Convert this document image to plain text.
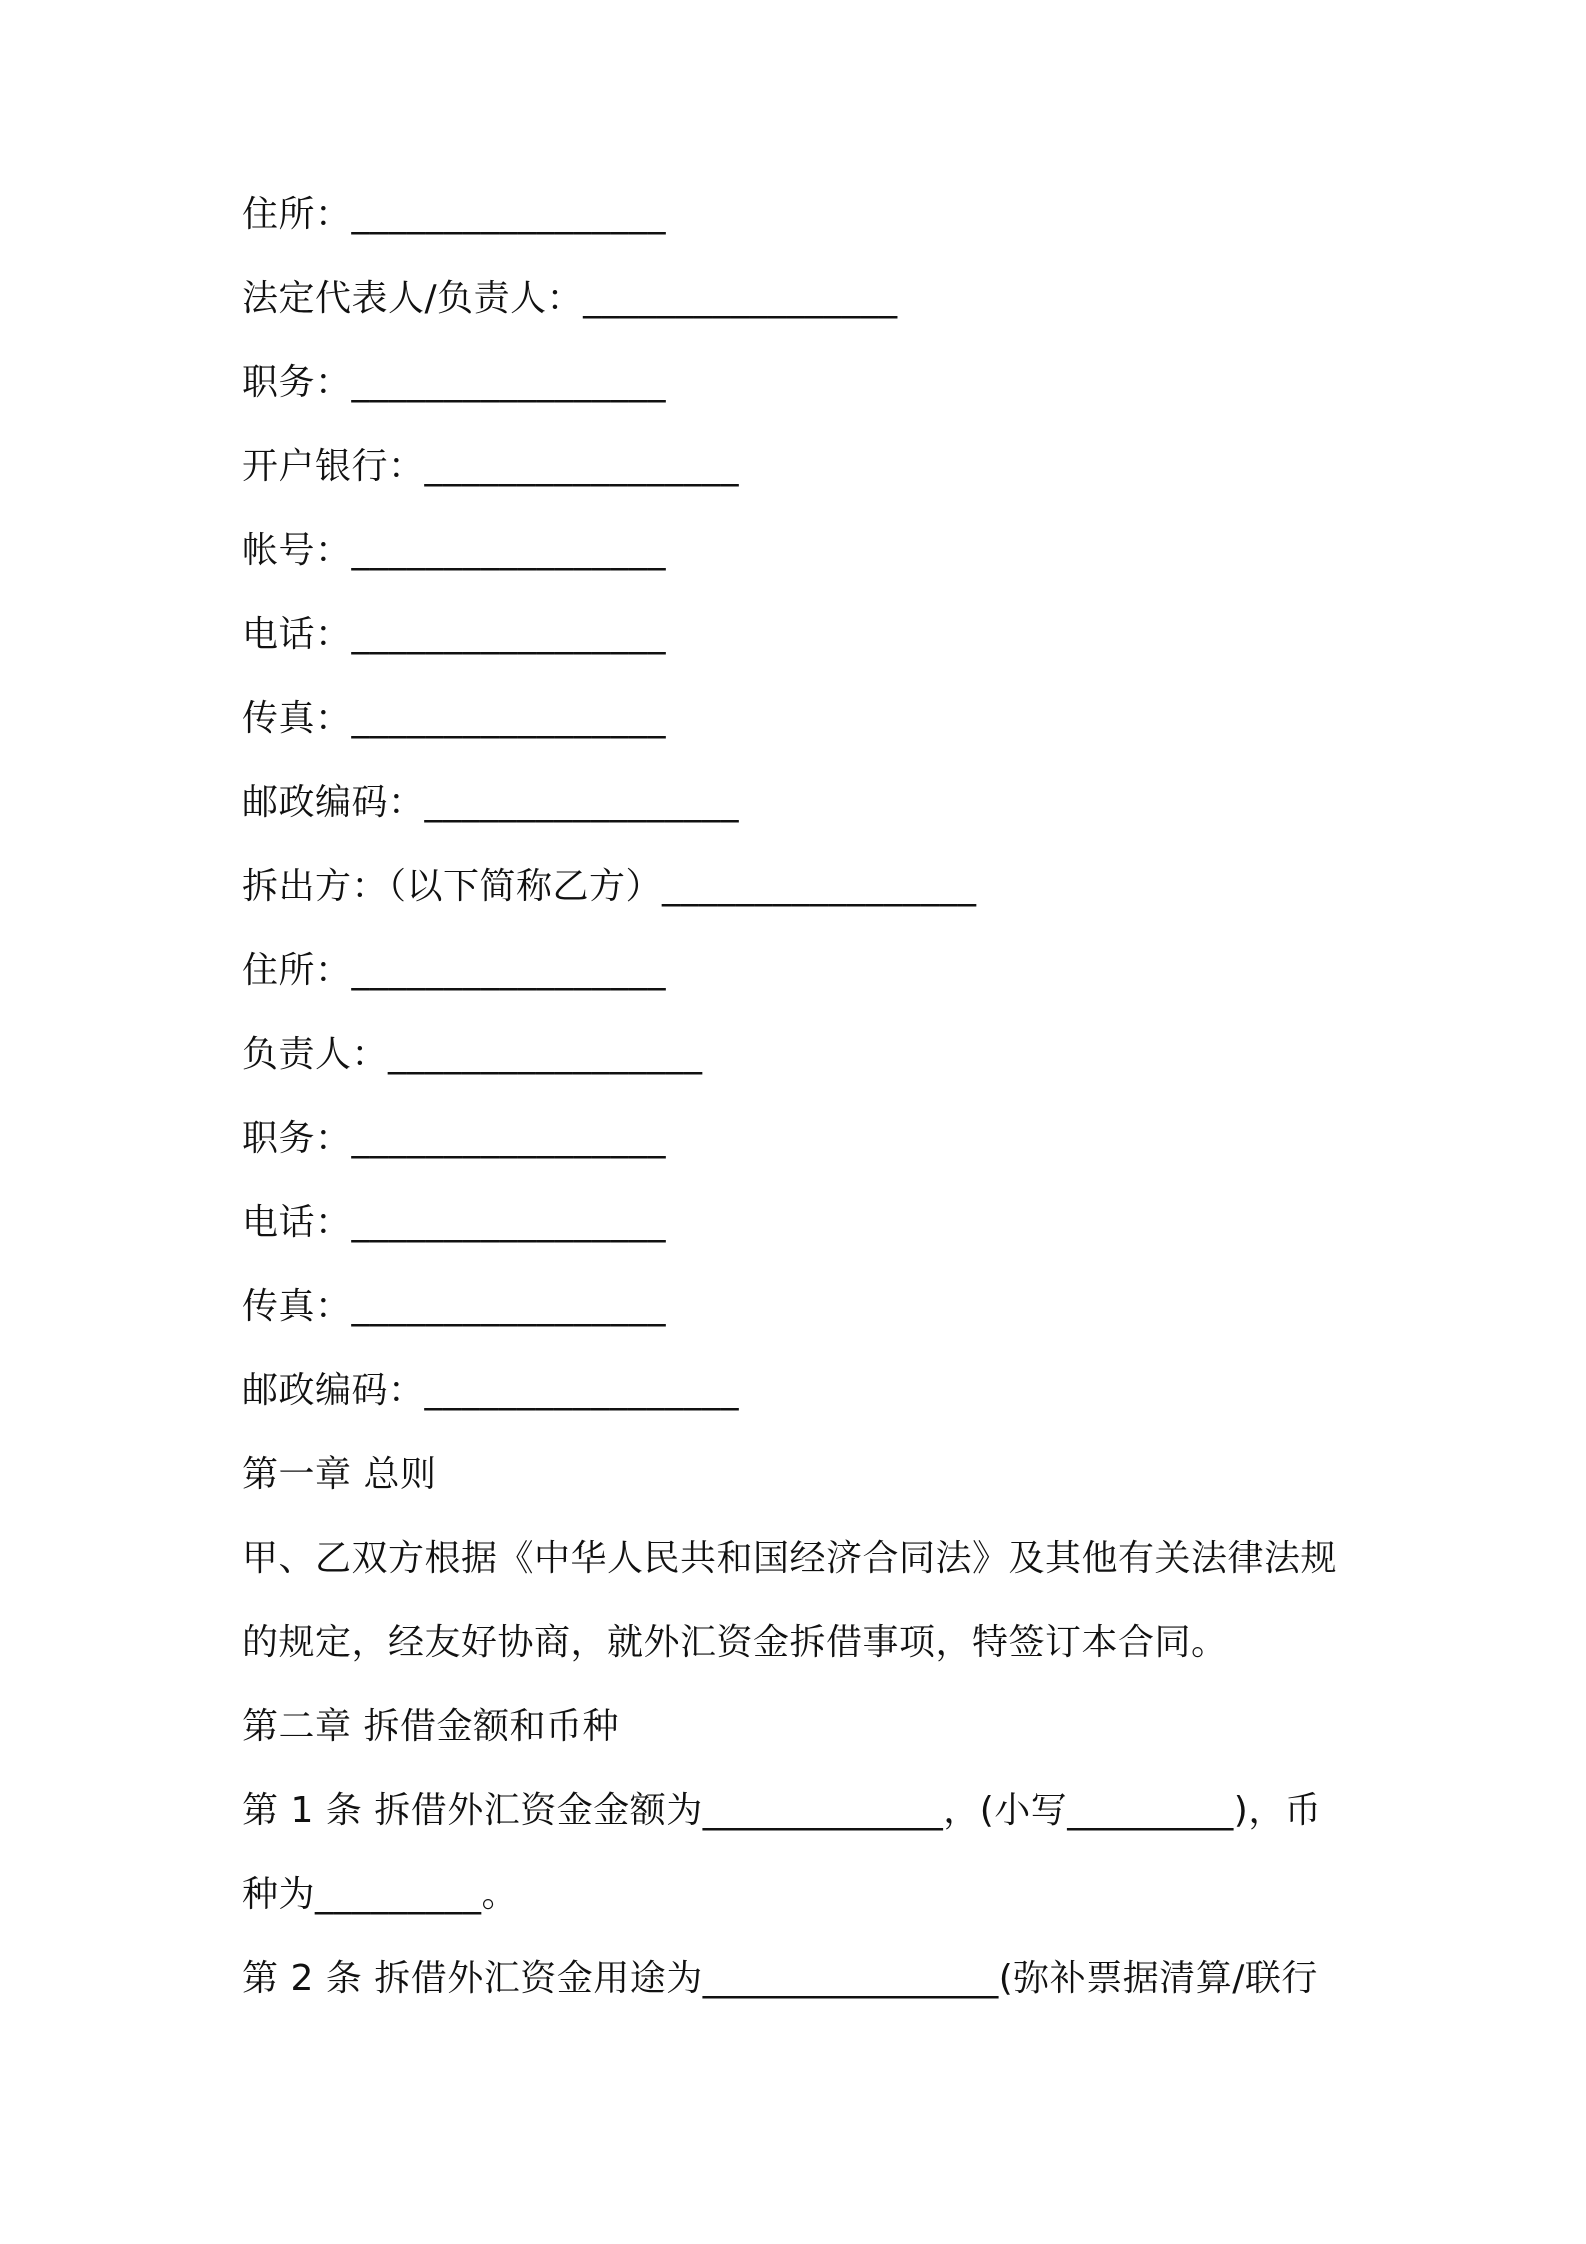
住所：_________________
法定代表人/负责人：_________________
职务：_________________
开户银行：_________________
帐号：_________________
电话：_________________
传真：_________________
邮政编码：_________________
拆出方：（以下简称乙方）_________________
住所：_________________
负责人：_________________
职务：_________________
电话：_________________
传真：_________________
邮政编码：_________________
第一章 总则
甲、乙双方根据《中华人民共和国经济合同法》及其他有关法律法规
的规定，经友好协商，就外汇资金拆借事项，特签订本合同。
第二章 拆借金额和币种
第 1 条 拆借外汇资金金额为_____________，(小写_________)，币
种为_________。
第 2 条 拆借外汇资金用途为________________(弥补票据清算/联行
